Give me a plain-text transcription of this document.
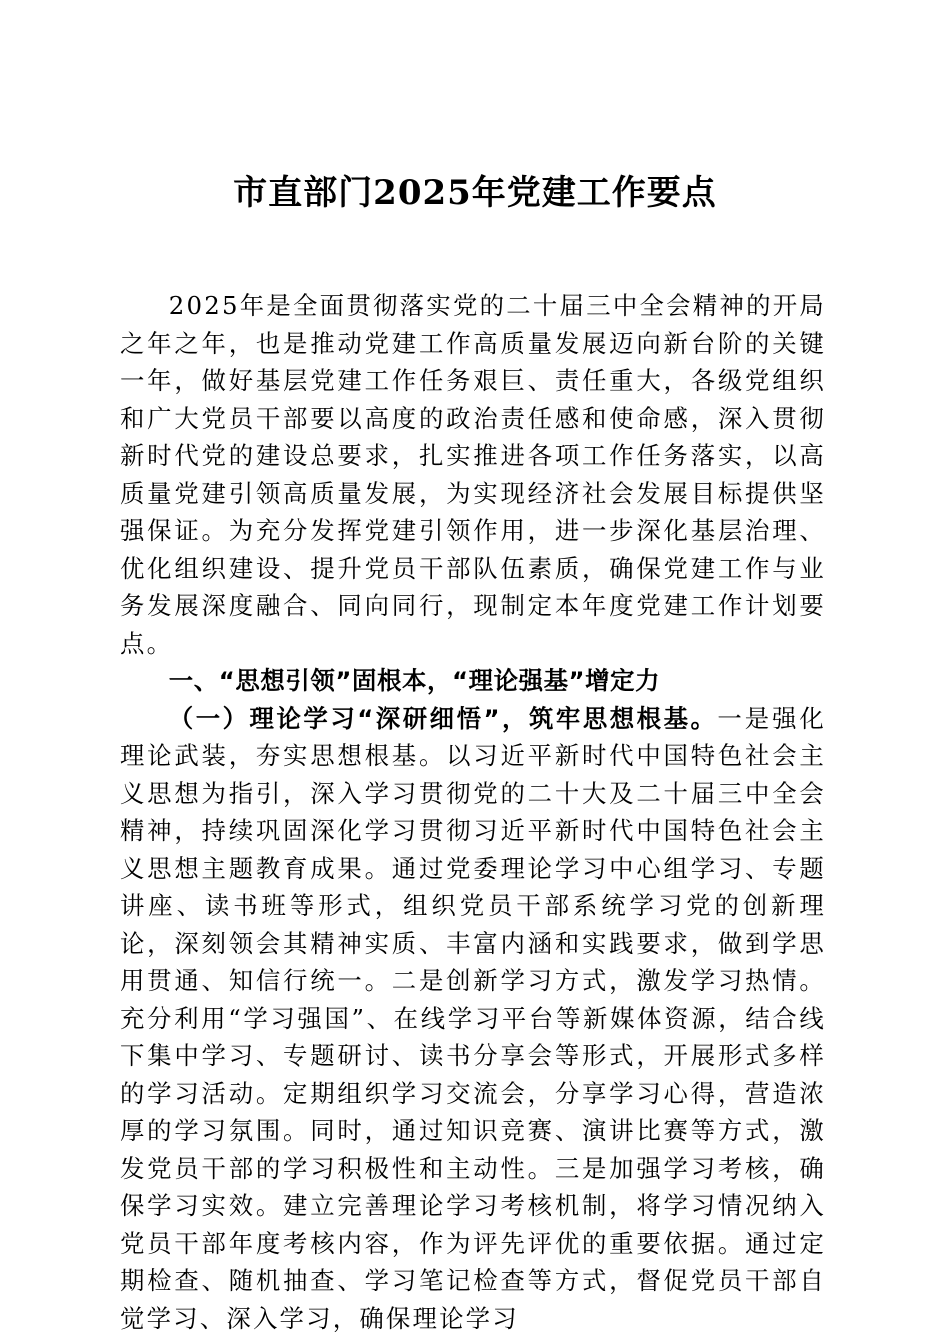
市直部门2025年党建工作要点

2025年是全面贯彻落实党的二十届三中全会精神的开局之年之年，也是推动党建工作高质量发展迈向新台阶的关键一年，做好基层党建工作任务艰巨、责任重大，各级党组织和广大党员干部要以高度的政治责任感和使命感，深入贯彻新时代党的建设总要求，扎实推进各项工作任务落实，以高质量党建引领高质量发展，为实现经济社会发展目标提供坚强保证。为充分发挥党建引领作用，进一步深化基层治理、优化组织建设、提升党员干部队伍素质，确保党建工作与业务发展深度融合、同向同行，现制定本年度党建工作计划要点。

一、“思想引领”固根本，“理论强基”增定力

（一）理论学习“深研细悟”，筑牢思想根基。一是强化理论武装，夯实思想根基。以习近平新时代中国特色社会主义思想为指引，深入学习贯彻党的二十大及二十届三中全会精神，持续巩固深化学习贯彻习近平新时代中国特色社会主义思想主题教育成果。通过党委理论学习中心组学习、专题讲座、读书班等形式，组织党员干部系统学习党的创新理论，深刻领会其精神实质、丰富内涵和实践要求，做到学思用贯通、知信行统一。二是创新学习方式，激发学习热情。充分利用“学习强国”、在线学习平台等新媒体资源，结合线下集中学习、专题研讨、读书分享会等形式，开展形式多样的学习活动。定期组织学习交流会，分享学习心得，营造浓厚的学习氛围。同时，通过知识竞赛、演讲比赛等方式，激发党员干部的学习积极性和主动性。三是加强学习考核，确保学习实效。建立完善理论学习考核机制，将学习情况纳入党员干部年度考核内容，作为评先评优的重要依据。通过定期检查、随机抽查、学习笔记检查等方式，督促党员干部自觉学习、深入学习，确保理论学习
